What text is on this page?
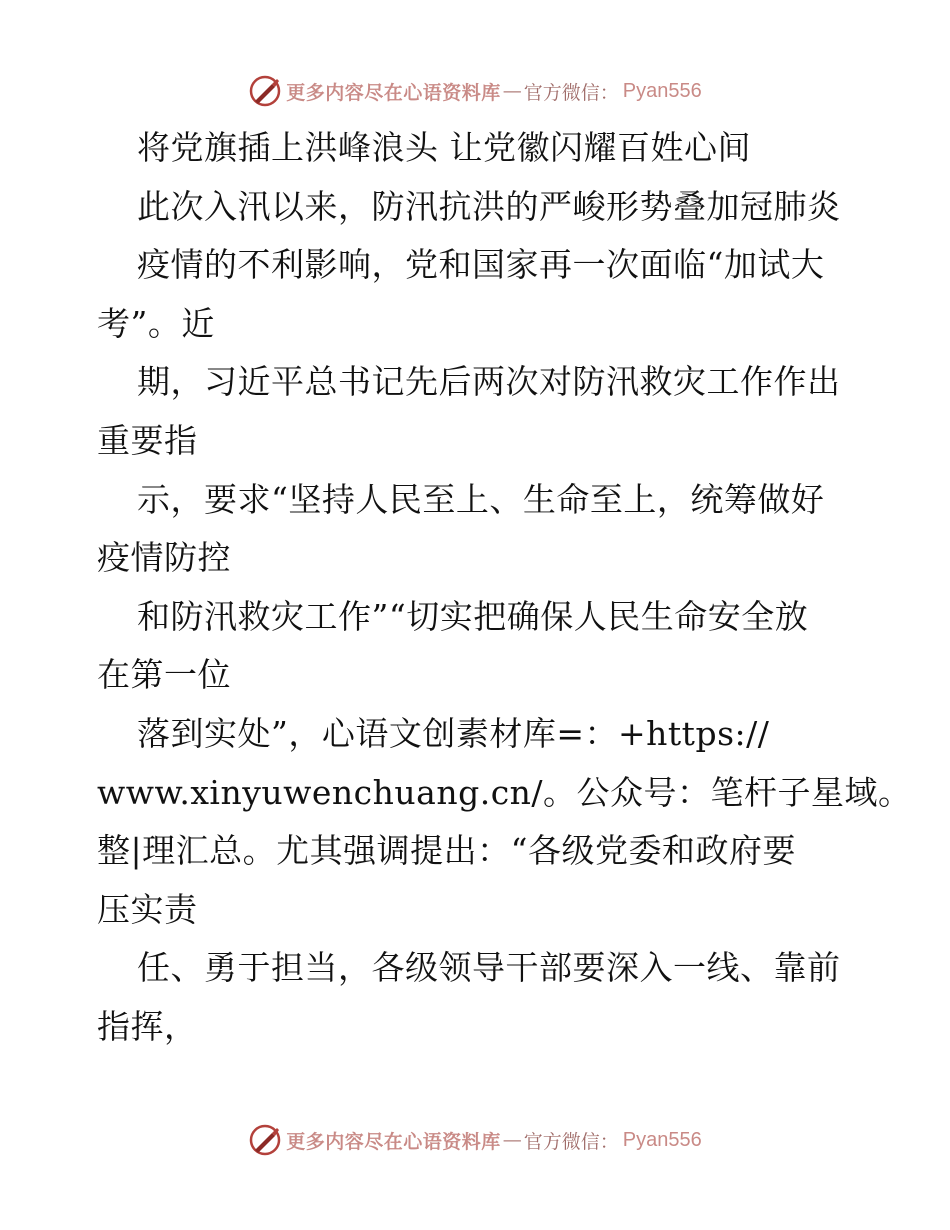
更多内容尽在心语资料库 — 官方微信： Pyan556
将党旗插上洪峰浪头 让党徽闪耀百姓心间
此次入汛以来，防汛抗洪的严峻形势叠加冠肺炎
疫情的不利影响，党和国家再一次面临“加试大
考”。近
期，习近平总书记先后两次对防汛救灾工作作出
重要指
示，要求“坚持人民至上、生命至上，统筹做好
疫情防控
和防汛救灾工作”“切实把确保人民生命安全放
在第一位
落到实处”，心语文创素材库=：+https://
www.xinyuwenchuang.cn/。公众号：笔杆子星域。
整|理汇总。尤其强调提出：“各级党委和政府要
压实责
任、勇于担当，各级领导干部要深入一线、靠前
指挥，
更多内容尽在心语资料库 — 官方微信： Pyan556
